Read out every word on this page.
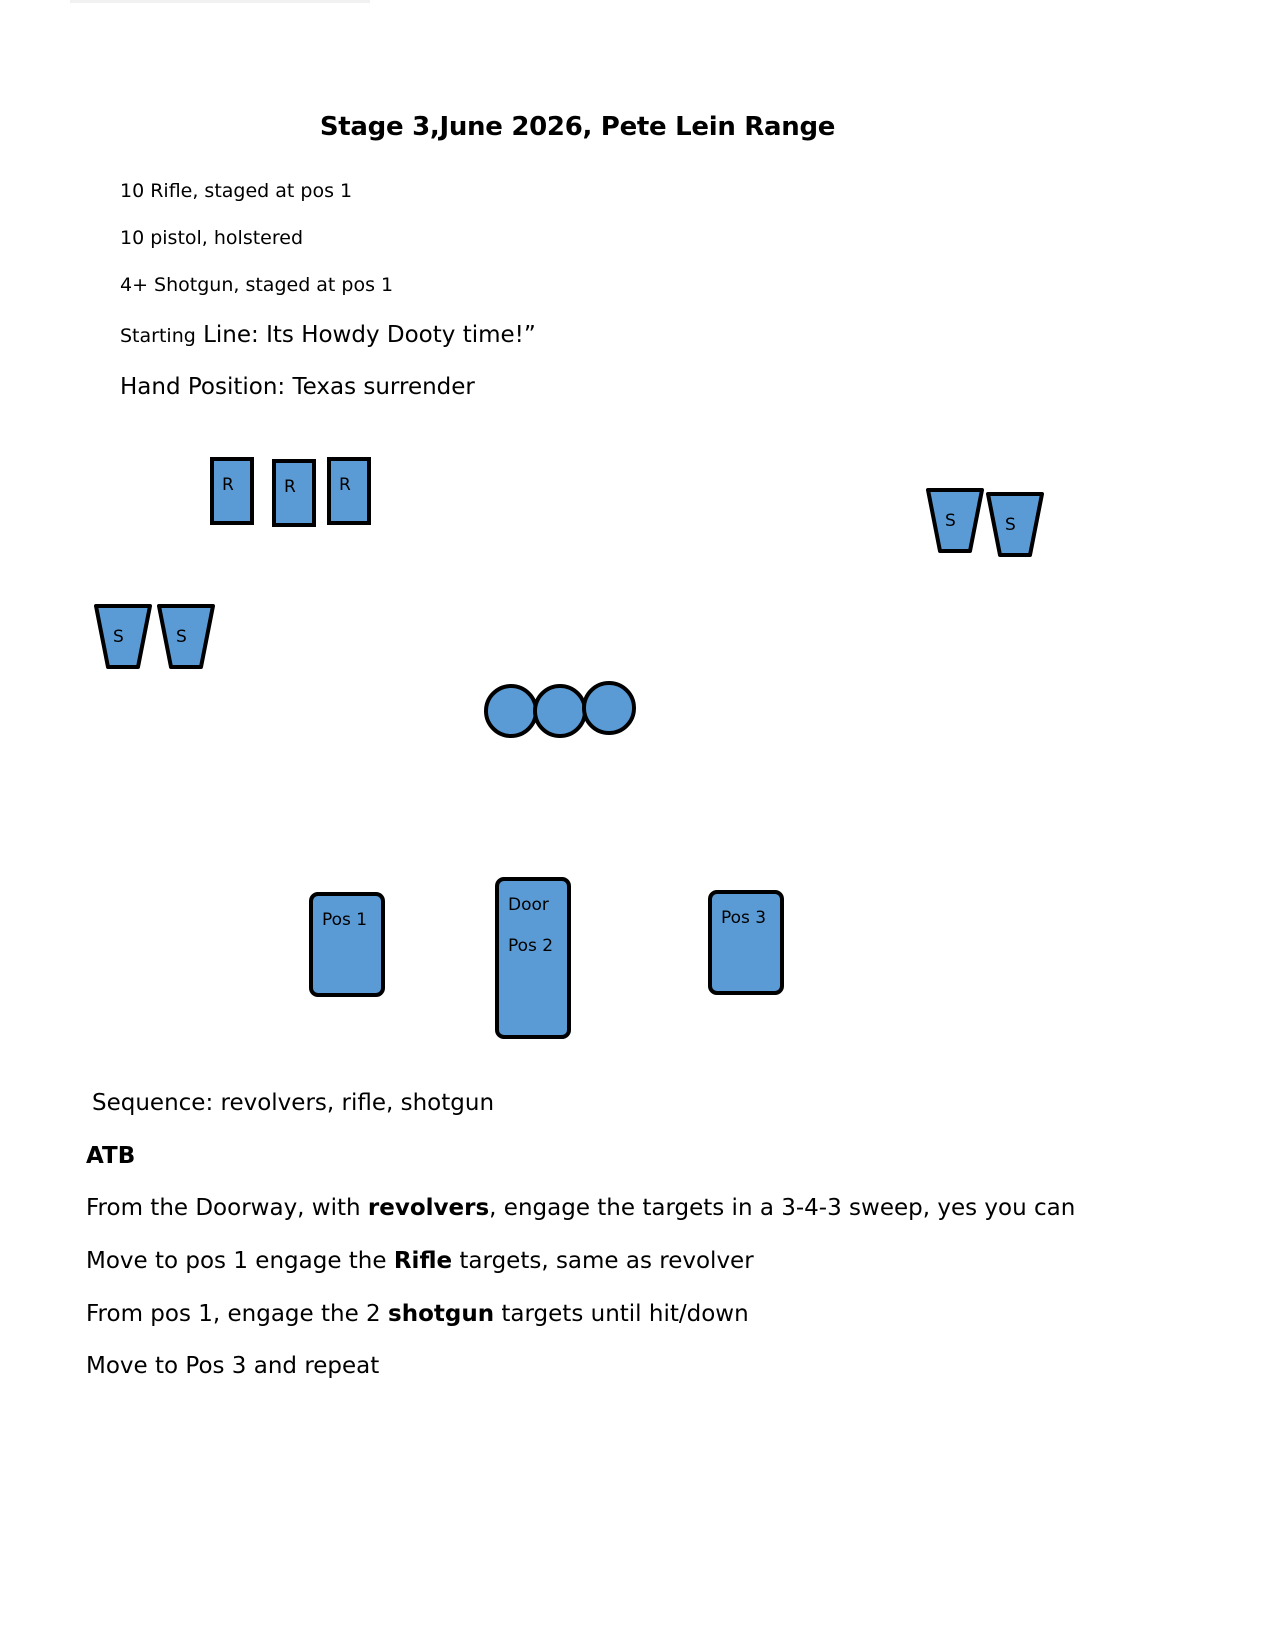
Stage 3,June 2026, Pete Lein Range
10 Rifle, staged at pos 1
10 pistol, holstered
4+ Shotgun, staged at pos 1
Starting Line: Its Howdy Dooty time!”
Hand Position: Texas surrender
R	R	R
S	S
S	S
Pos 1
Door
Pos 2
Pos 3
Sequence: revolvers, rifle, shotgun
ATB
From the Doorway, with revolvers, engage the targets in a 3-4-3 sweep, yes you can
Move to pos 1 engage the Rifle targets, same as revolver
From pos 1, engage the 2 shotgun targets until hit/down
Move to Pos 3 and repeat
